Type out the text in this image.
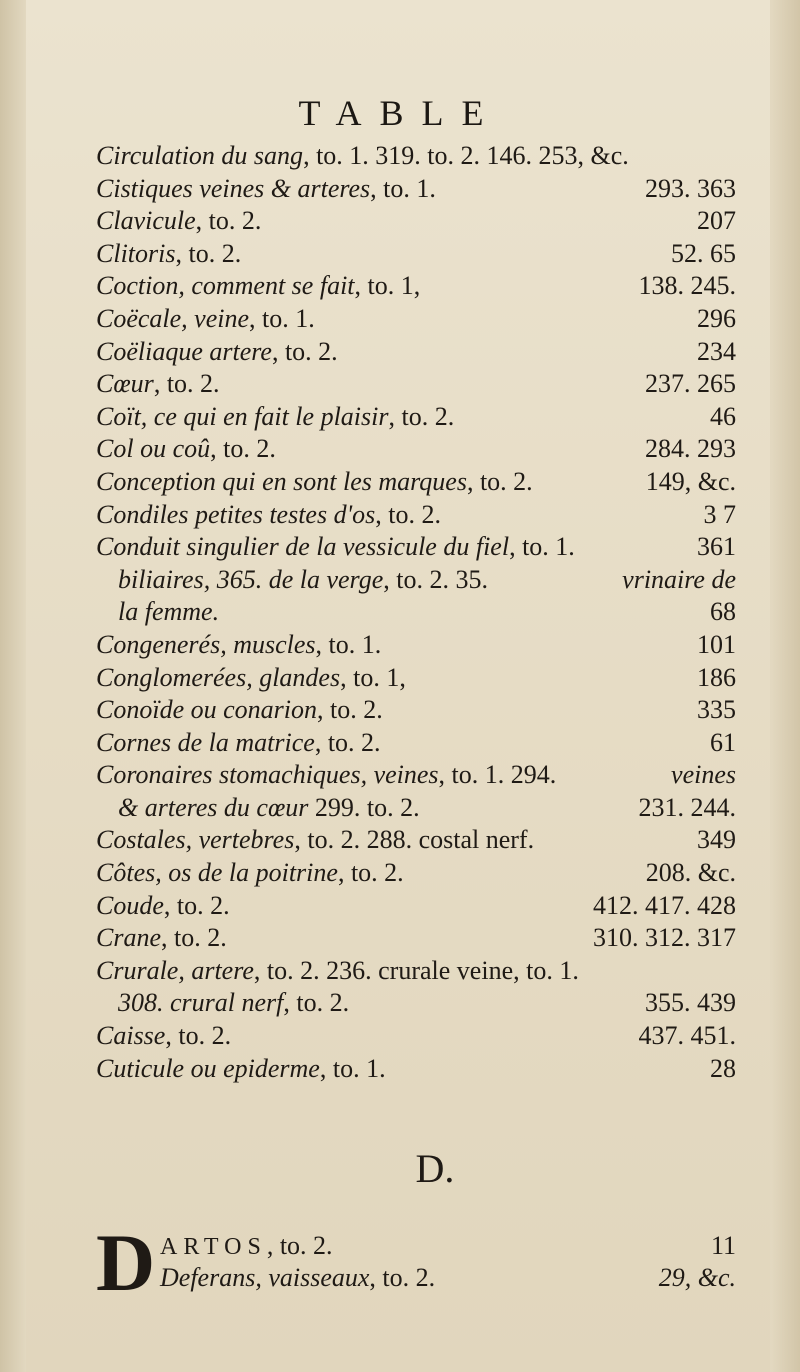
TABLE
Circulation du sang, to. 1. 319. to. 2. 146. 253, &c.
Cistiques veines & arteres, to. 1.	293. 363
Clavicule, to. 2.	207
Clitoris, to. 2.	52. 65
Coction, comment se fait, to. 1,	138. 245.
Coëcale, veine, to. 1.	296
Coëliaque artere, to. 2.	234
Cœur, to. 2.	237. 265
Coït, ce qui en fait le plaisir, to. 2.	46
Col ou coû, to. 2.	284. 293
Conception qui en sont les marques, to. 2.	149, &c.
Condiles petites testes d'os, to. 2.	3 7
Conduit singulier de la vessicule du fiel, to. 1.	361
biliaires, 365. de la verge, to. 2. 35.	vrinaire de
la femme.	68
Congenerés, muscles, to. 1.	101
Conglomerées, glandes, to. 1,	186
Conoïde ou conarion, to. 2.	335
Cornes de la matrice, to. 2.	61
Coronaires stomachiques, veines, to. 1. 294.	veines
& arteres du cœur 299. to. 2.	231. 244.
Costales, vertebres, to. 2. 288. costal nerf.	349
Côtes, os de la poitrine, to. 2.	208. &c.
Coude, to. 2.	412. 417. 428
Crane, to. 2.	310. 312. 317
Crurale, artere, to. 2. 236. crurale veine, to. 1.
308. crural nerf, to. 2.	355. 439
Caisse, to. 2.	437. 451.
Cuticule ou epiderme, to. 1.	28
D.
D ARTOS, to. 2.	11
Deferans, vaisseaux, to. 2.	29, &c.
